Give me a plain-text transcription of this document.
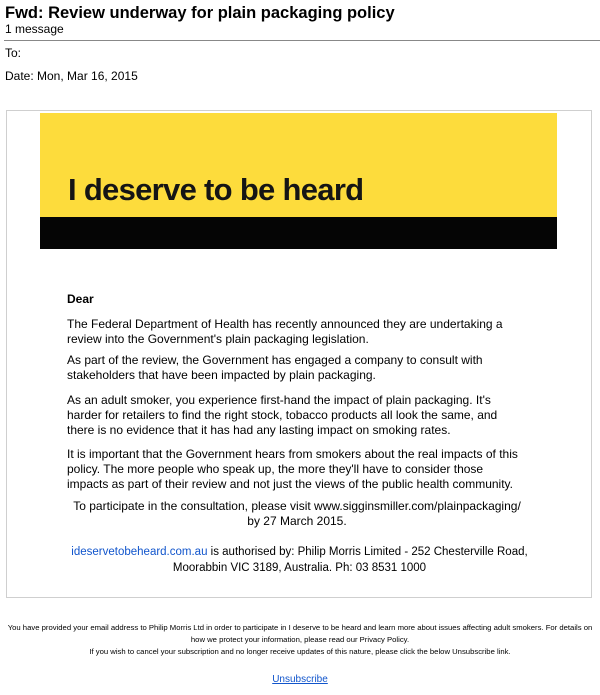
Fwd: Review underway for plain packaging policy
1 message
To:
Date: Mon, Mar 16, 2015
I deserve to be heard
Dear
The Federal Department of Health has recently announced they are undertaking a review into the Government's plain packaging legislation.
As part of the review, the Government has engaged a company to consult with stakeholders that have been impacted by plain packaging.
As an adult smoker, you experience first-hand the impact of plain packaging. It's harder for retailers to find the right stock, tobacco products all look the same, and there is no evidence that it has had any lasting impact on smoking rates.
It is important that the Government hears from smokers about the real impacts of this policy. The more people who speak up, the more they'll have to consider those impacts as part of their review and not just the views of the public health community.
To participate in the consultation, please visit www.sigginsmiller.com/plainpackaging/ by 27 March 2015.
ideservetobeheard.com.au is authorised by: Philip Morris Limited - 252 Chesterville Road, Moorabbin VIC 3189, Australia. Ph: 03 8531 1000
You have provided your email address to Philip Morris Ltd in order to participate in I deserve to be heard and learn more about issues affecting adult smokers. For details on how we protect your information, please read our Privacy Policy.
If you wish to cancel your subscription and no longer receive updates of this nature, please click the below Unsubscribe link.
Unsubscribe
